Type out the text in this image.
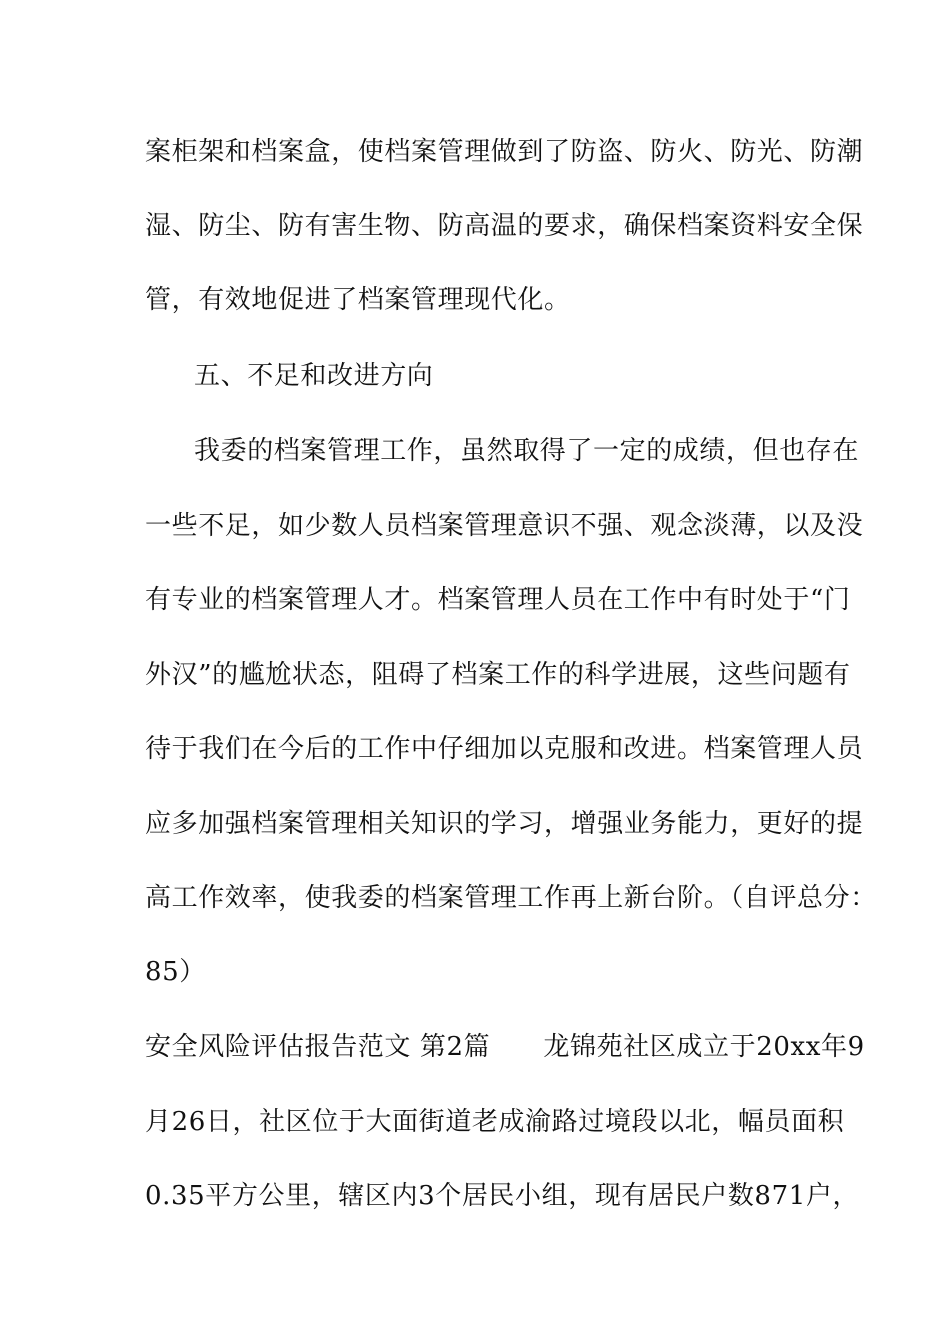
案柜架和档案盒，使档案管理做到了防盗、防火、防光、防潮
湿、防尘、防有害生物、防高温的要求，确保档案资料安全保
管，有效地促进了档案管理现代化。
五、不足和改进方向
我委的档案管理工作，虽然取得了一定的成绩，但也存在
一些不足，如少数人员档案管理意识不强、观念淡薄，以及没
有专业的档案管理人才。档案管理人员在工作中有时处于“门
外汉”的尴尬状态，阻碍了档案工作的科学进展，这些问题有
待于我们在今后的工作中仔细加以克服和改进。档案管理人员
应多加强档案管理相关知识的学习，增强业务能力，更好的提
高工作效率，使我委的档案管理工作再上新台阶。（自评总分：
85）
安全风险评估报告范文 第2篇　　龙锦苑社区成立于20xx年9
月26日，社区位于大面街道老成渝路过境段以北，幅员面积
0.35平方公里，辖区内3个居民小组，现有居民户数871户，
